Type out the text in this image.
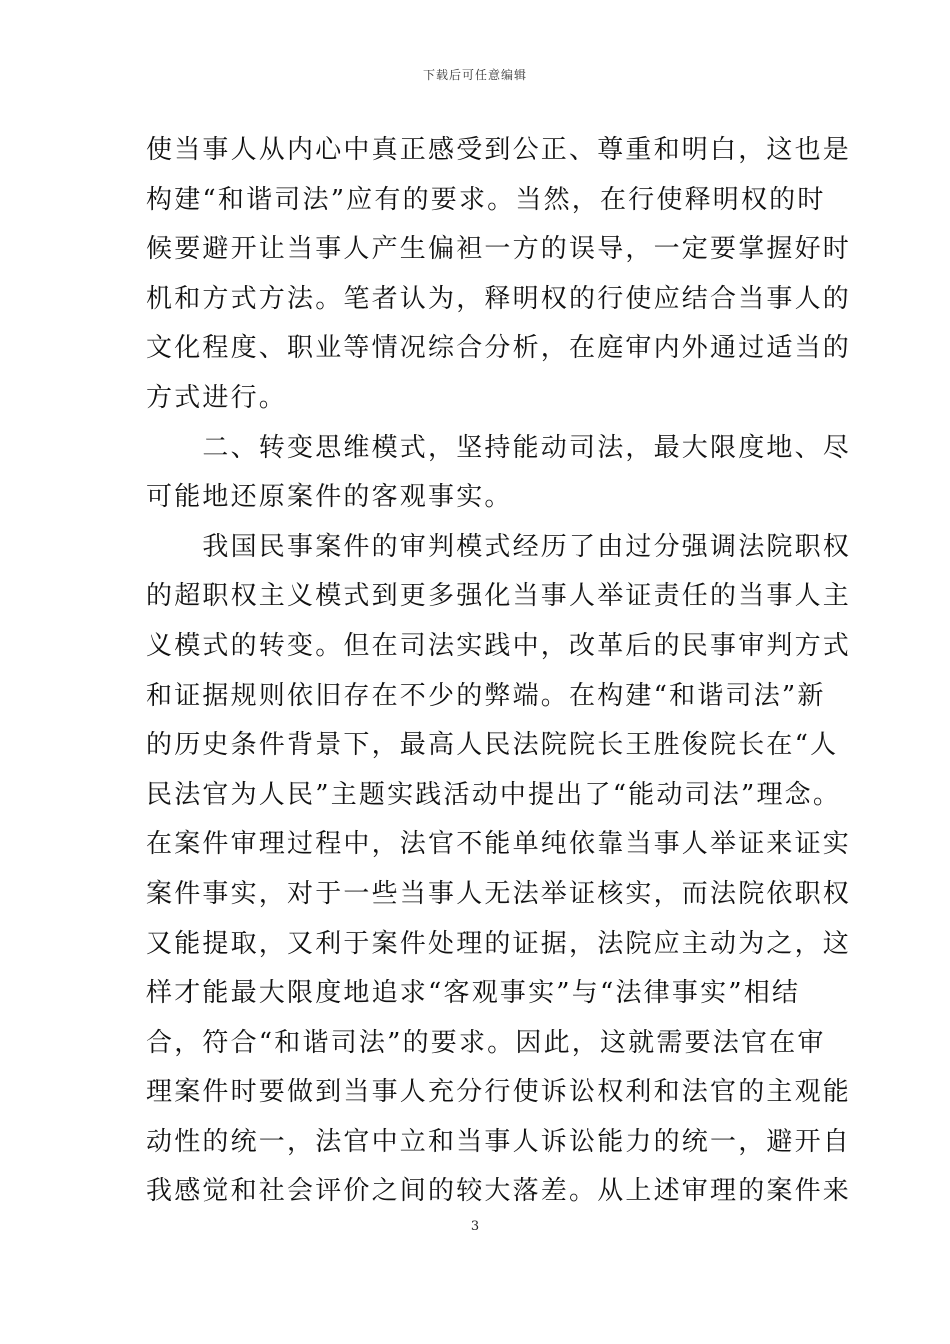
下载后可任意编辑
使当事人从内心中真正感受到公正、尊重和明白，这也是
构建“和谐司法”应有的要求。当然，在行使释明权的时
候要避开让当事人产生偏袒一方的误导，一定要掌握好时
机和方式方法。笔者认为，释明权的行使应结合当事人的
文化程度、职业等情况综合分析，在庭审内外通过适当的
方式进行。
　　二、转变思维模式，坚持能动司法，最大限度地、尽
可能地还原案件的客观事实。
　　我国民事案件的审判模式经历了由过分强调法院职权
的超职权主义模式到更多强化当事人举证责任的当事人主
义模式的转变。但在司法实践中，改革后的民事审判方式
和证据规则依旧存在不少的弊端。在构建“和谐司法”新
的历史条件背景下，最高人民法院院长王胜俊院长在“人
民法官为人民”主题实践活动中提出了“能动司法”理念。
在案件审理过程中，法官不能单纯依靠当事人举证来证实
案件事实，对于一些当事人无法举证核实，而法院依职权
又能提取，又利于案件处理的证据，法院应主动为之，这
样才能最大限度地追求“客观事实”与“法律事实”相结
合，符合“和谐司法”的要求。因此，这就需要法官在审
理案件时要做到当事人充分行使诉讼权利和法官的主观能
动性的统一，法官中立和当事人诉讼能力的统一，避开自
我感觉和社会评价之间的较大落差。从上述审理的案件来
3
